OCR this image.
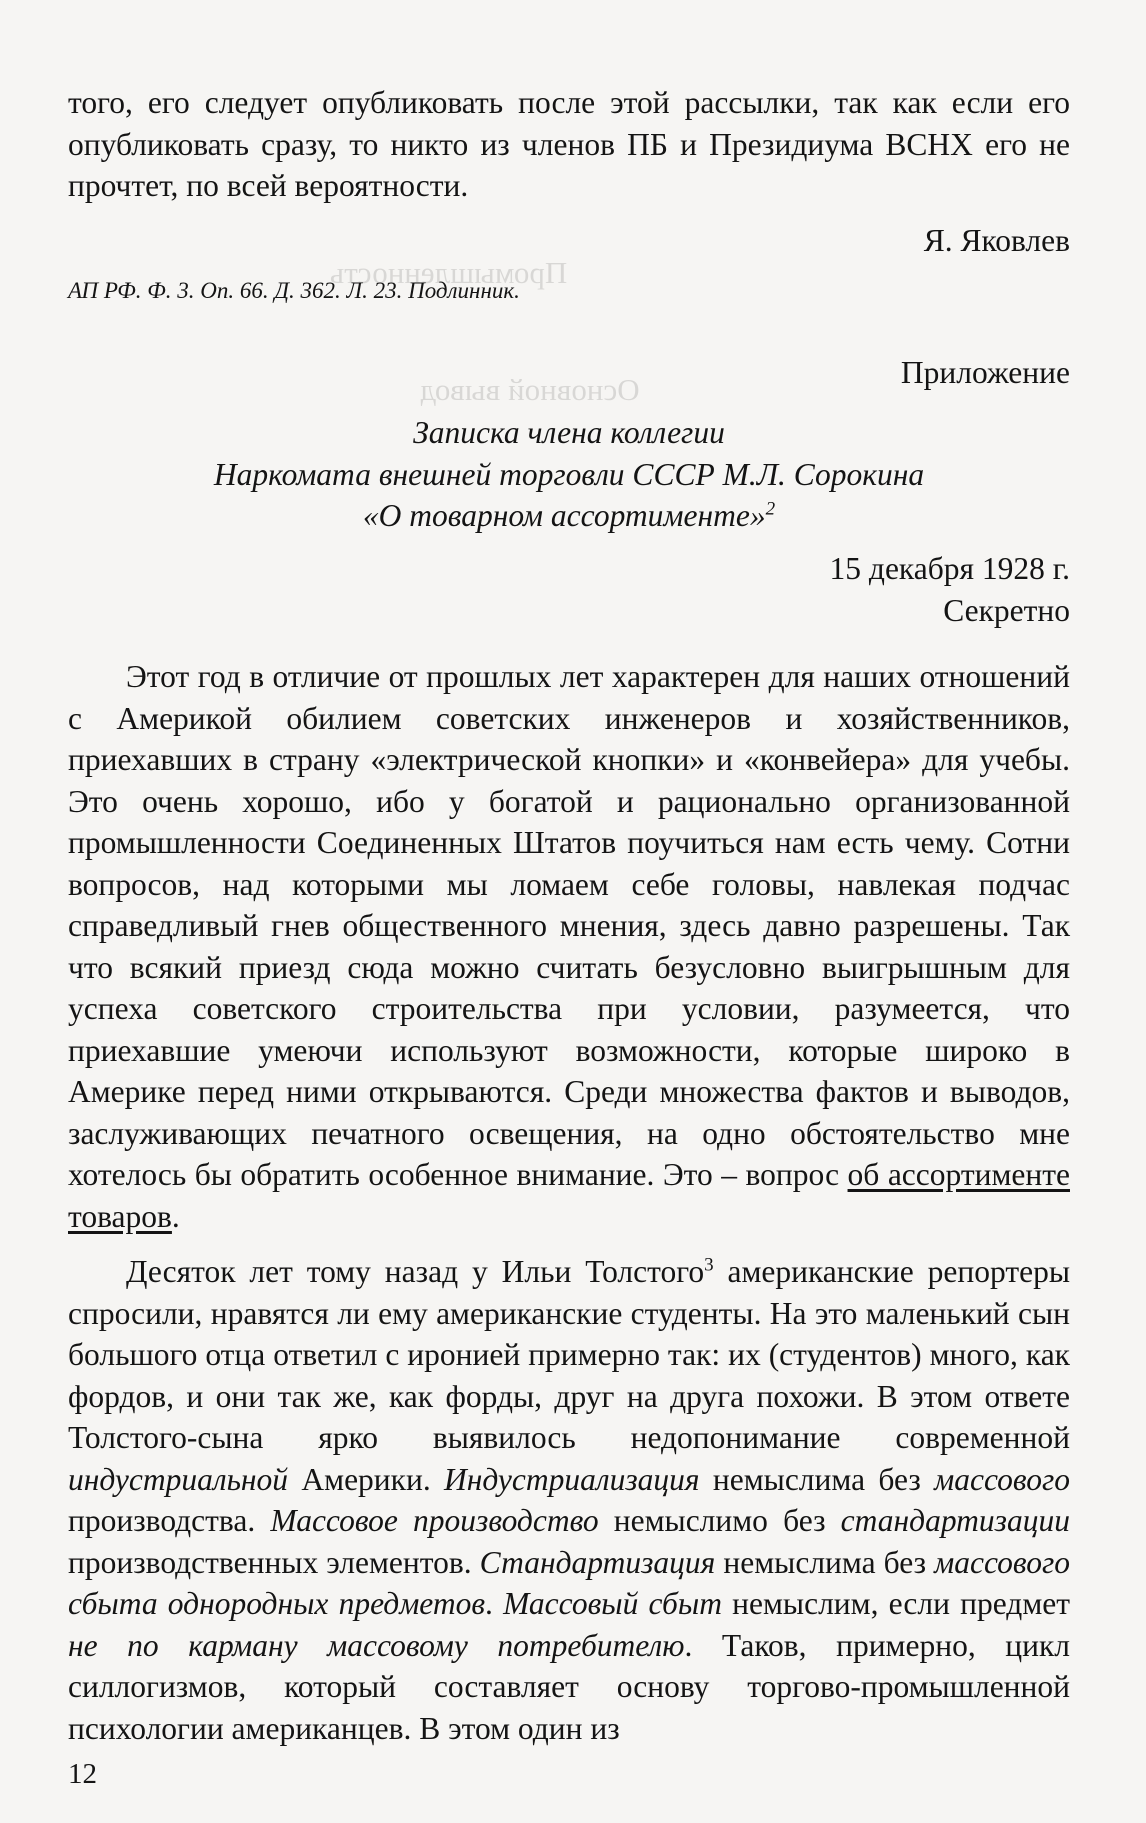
Промышленность
Основной вывод

того, его следует опубликовать после этой рассылки, так как если его опубликовать сразу, то никто из членов ПБ и Президиума ВСНХ его не прочтет, по всей вероятности.

Я. Яковлев

АП РФ. Ф. 3. Оп. 66. Д. 362. Л. 23. Подлинник.

Приложение

Записка члена коллегии

Наркомата внешней торговли СССР М.Л. Сорокина

«О товарном ассортименте»$^2$

15 декабря 1928 г.

Секретно

Этот год в отличие от прошлых лет характерен для наших отношений с Америкой обилием советских инженеров и хозяйственников, приехавших в страну «электрической кнопки» и «конвейера» для учебы. Это очень хорошо, ибо у богатой и рационально организованной промышленности Соединенных Штатов поучиться нам есть чему. Сотни вопросов, над которыми мы ломаем себе головы, навлекая подчас справедливый гнев общественного мнения, здесь давно разрешены. Так что всякий приезд сюда можно считать безусловно выигрышным для успеха советского строительства при условии, разумеется, что приехавшие умеючи используют возможности, которые широко в Америке перед ними открываются. Среди множества фактов и выводов, заслуживающих печатного освещения, на одно обстоятельство мне хотелось бы обратить особенное внимание. Это – вопрос об ассортименте товаров.

Десяток лет тому назад у Ильи Толстого$^3$ американские репортеры спросили, нравятся ли ему американские студенты. На это маленький сын большого отца ответил с иронией примерно так: их (студентов) много, как фордов, и они так же, как форды, друг на друга похожи. В этом ответе Толстого-сына ярко выявилось недопонимание современной индустриальной Америки. Индустриализация немыслима без массового производства. Массовое производство немыслимо без стандартизации производственных элементов. Стандартизация немыслима без массового сбыта однородных предметов. Массовый сбыт немыслим, если предмет не по карману массовому потребителю. Таков, примерно, цикл силлогизмов, который составляет основу торгово-промышленной психологии американцев. В этом один из

12
